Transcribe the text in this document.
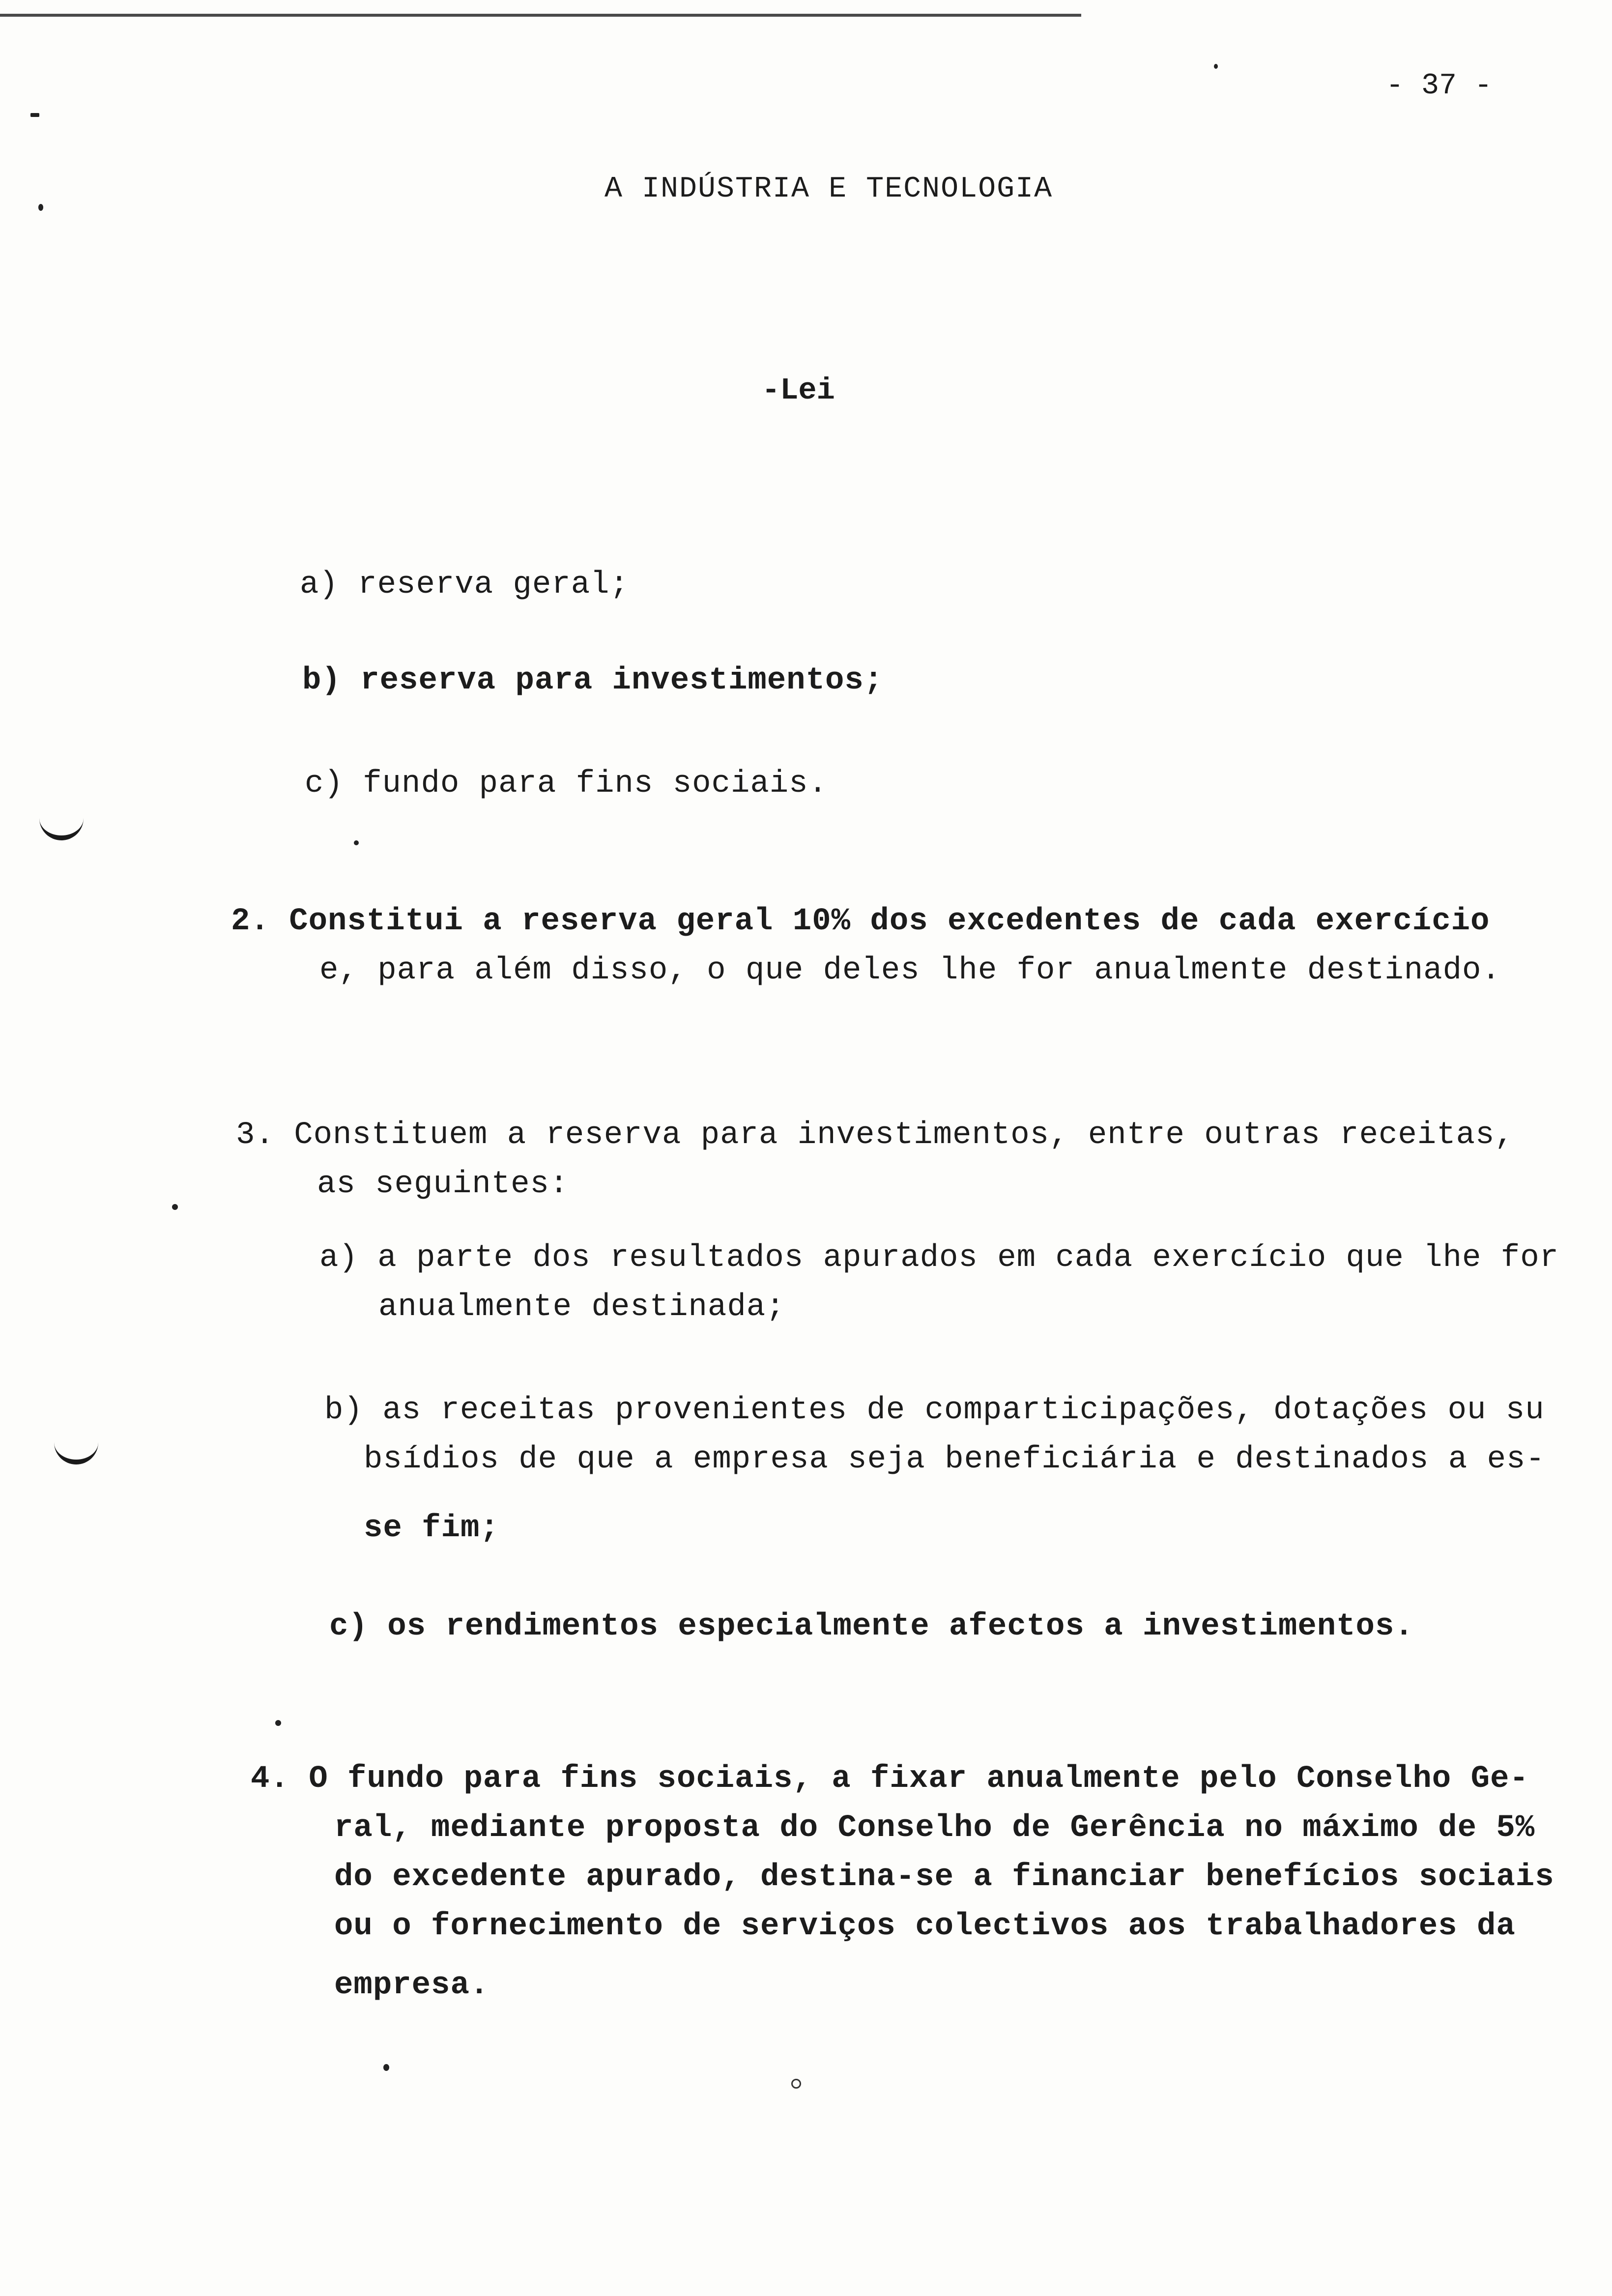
- 37 -
A INDÚSTRIA E TECNOLOGIA
-Lei
a) reserva geral;
b) reserva para investimentos;
c) fundo para fins sociais.
2. Constitui a reserva geral 10% dos excedentes de cada exercício
e, para além disso, o que deles lhe for anualmente destinado.
3. Constituem a reserva para investimentos, entre outras receitas,
as seguintes:
a) a parte dos resultados apurados em cada exercício que lhe for
anualmente destinada;
b) as receitas provenientes de comparticipações, dotações ou su
bsídios de que a empresa seja beneficiária e destinados a es-
se fim;
c) os rendimentos especialmente afectos a investimentos.
4. O fundo para fins sociais, a fixar anualmente pelo Conselho Ge-
ral, mediante proposta do Conselho de Gerência no máximo de 5%
do excedente apurado, destina-se a financiar benefícios sociais
ou o fornecimento de serviços colectivos aos trabalhadores da
empresa.
